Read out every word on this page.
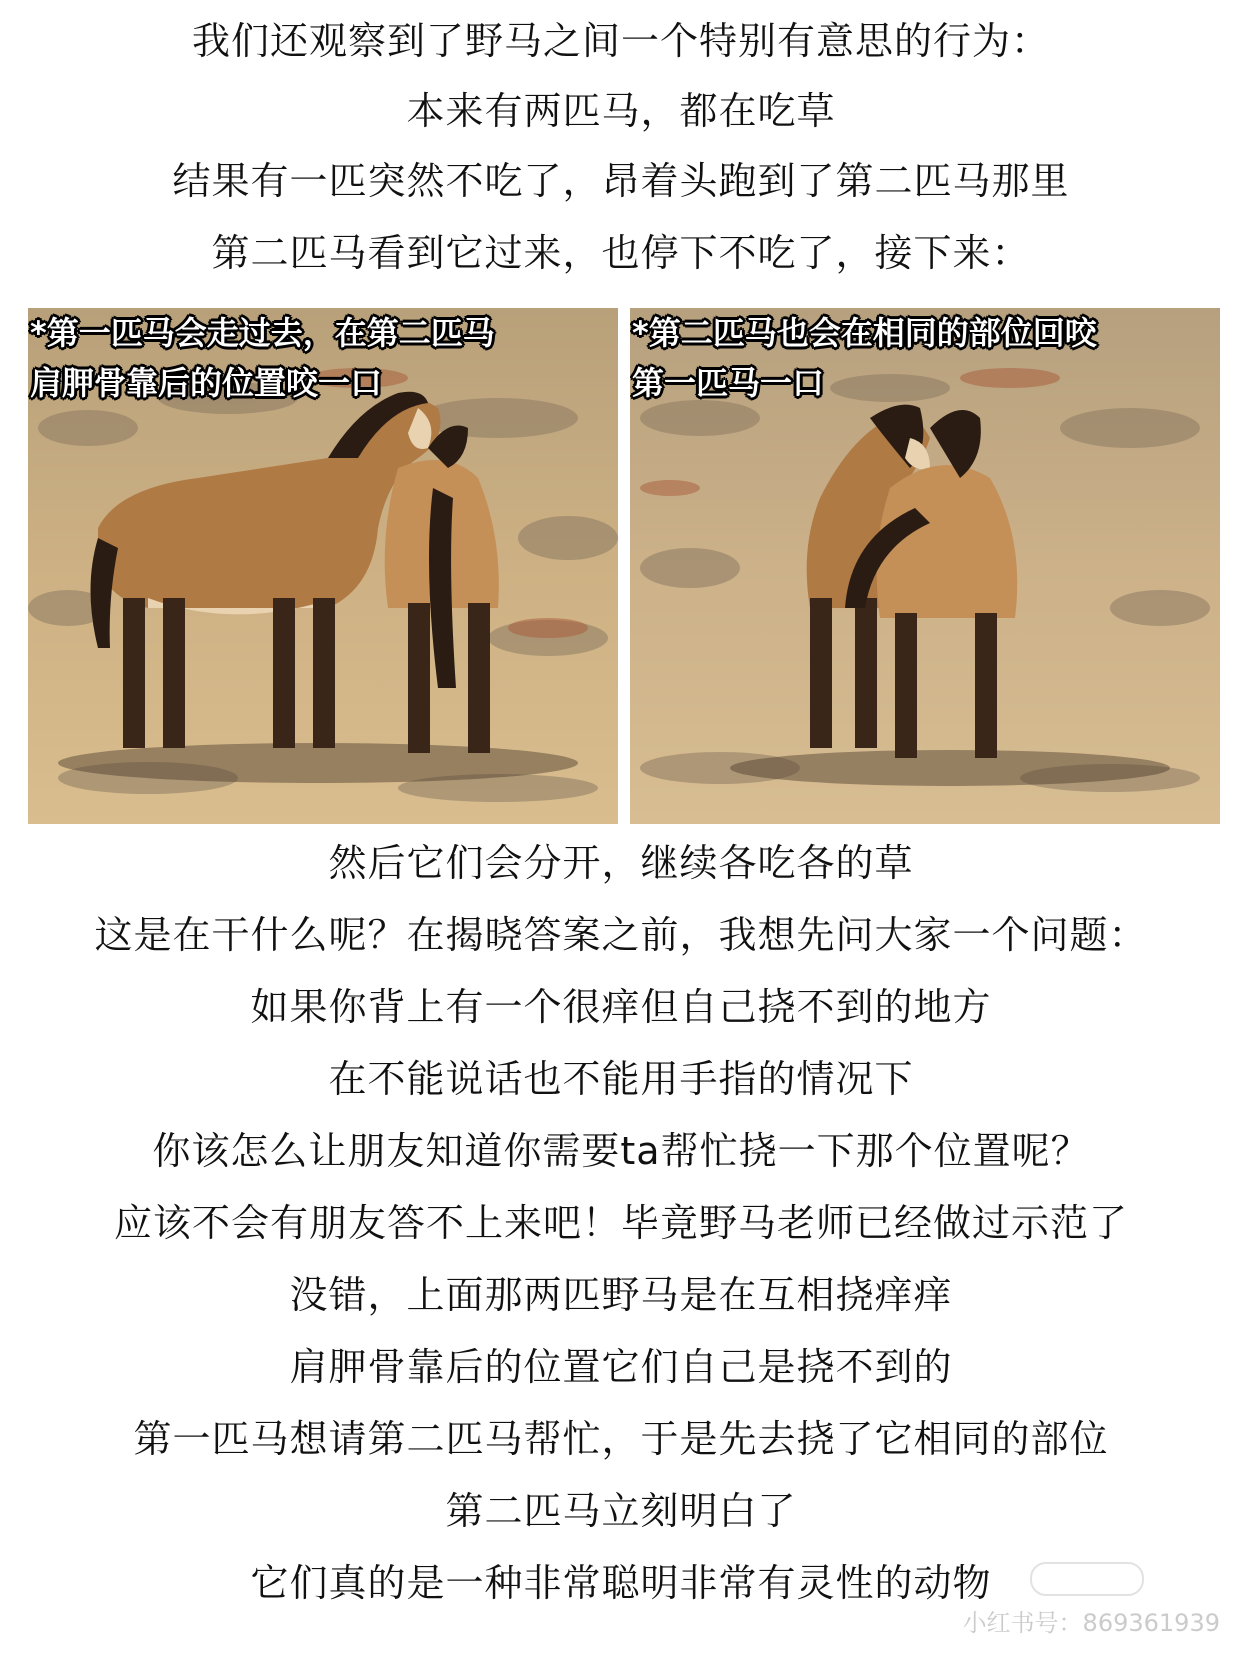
我们还观察到了野马之间一个特别有意思的行为：
本来有两匹马，都在吃草
结果有一匹突然不吃了，昂着头跑到了第二匹马那里
第二匹马看到它过来，也停下不吃了，接下来：
*第一匹马会走过去，在第二匹马
肩胛骨靠后的位置咬一口
*第二匹马也会在相同的部位回咬
第一匹马一口
然后它们会分开，继续各吃各的草
这是在干什么呢？在揭晓答案之前，我想先问大家一个问题：
如果你背上有一个很痒但自己挠不到的地方
在不能说话也不能用手指的情况下
你该怎么让朋友知道你需要ta帮忙挠一下那个位置呢？
应该不会有朋友答不上来吧！毕竟野马老师已经做过示范了
没错，上面那两匹野马是在互相挠痒痒
肩胛骨靠后的位置它们自己是挠不到的
第一匹马想请第二匹马帮忙，于是先去挠了它相同的部位
第二匹马立刻明白了
它们真的是一种非常聪明非常有灵性的动物
小红书号：869361939
